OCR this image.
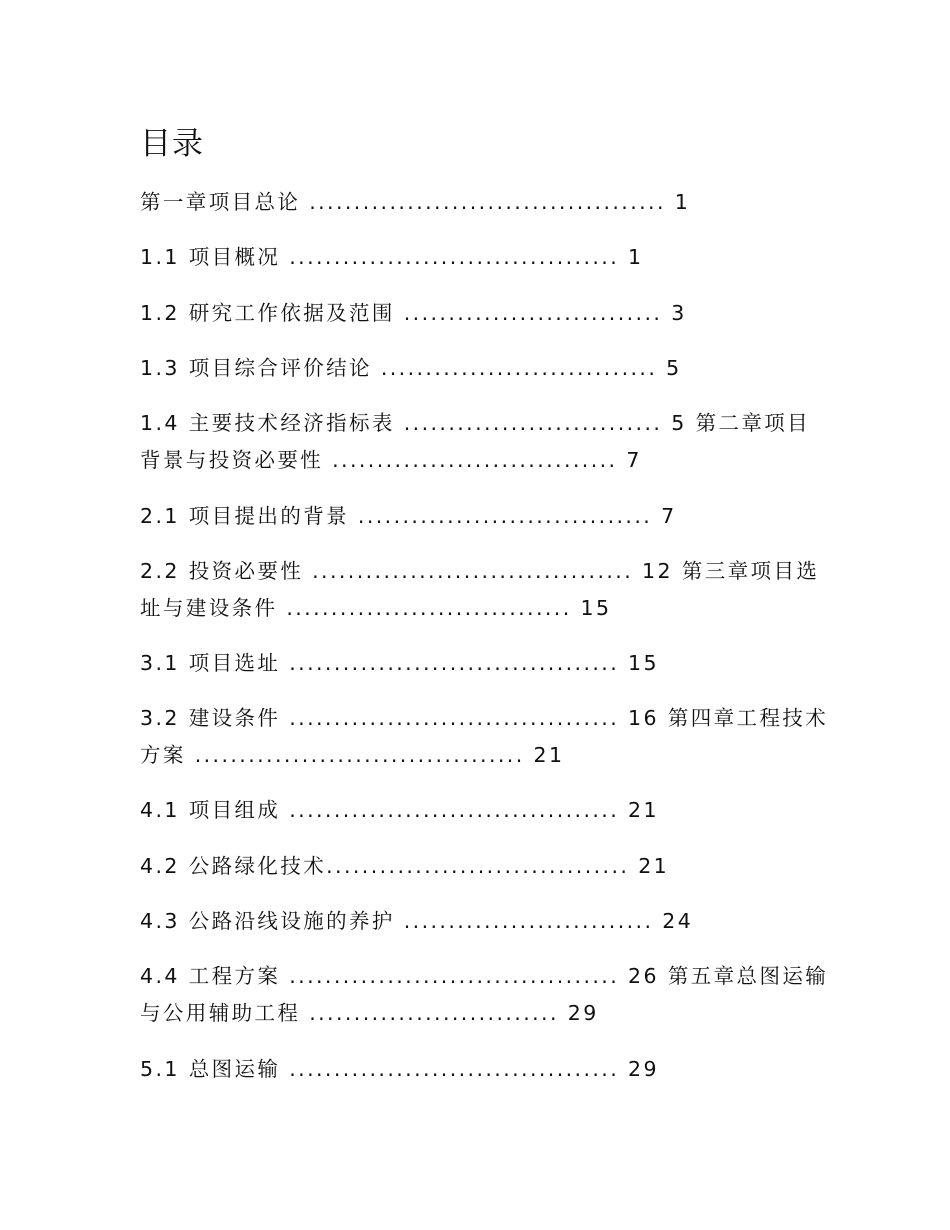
目录
第一章项目总论 ........................................ 1
1.1 项目概况 ..................................... 1
1.2 研究工作依据及范围 ............................. 3
1.3 项目综合评价结论 ............................... 5
1.4 主要技术经济指标表 ............................. 5 第二章项目
背景与投资必要性 ................................ 7
2.1 项目提出的背景 ................................. 7
2.2 投资必要性 .................................... 12 第三章项目选
址与建设条件 ................................ 15
3.1 项目选址 ..................................... 15
3.2 建设条件 ..................................... 16 第四章工程技术
方案 ..................................... 21
4.1 项目组成 ..................................... 21
4.2 公路绿化技术.................................. 21
4.3 公路沿线设施的养护 ............................ 24
4.4 工程方案 ..................................... 26 第五章总图运输
与公用辅助工程 ............................ 29
5.1 总图运输 ..................................... 29
